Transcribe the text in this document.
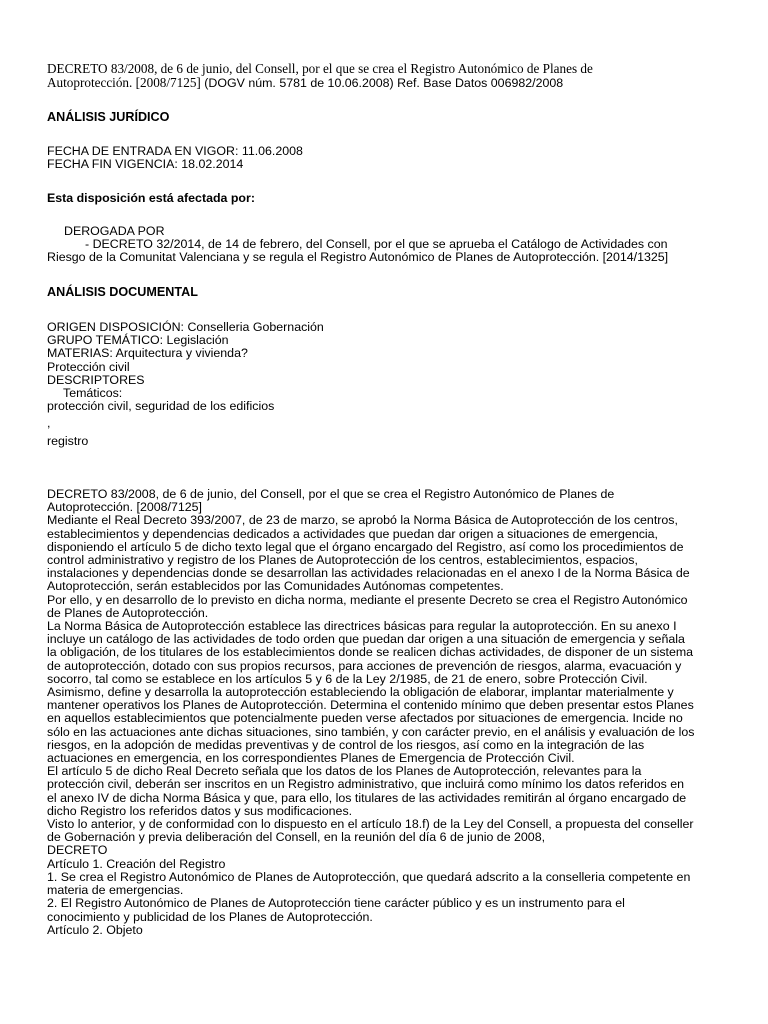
DECRETO 83/2008, de 6 de junio, del Consell, por el que se crea el Registro Autonómico de Planes de
Autoprotección. [2008/7125] (DOGV núm. 5781 de 10.06.2008) Ref. Base Datos 006982/2008
ANÁLISIS JURÍDICO
FECHA DE ENTRADA EN VIGOR: 11.06.2008
FECHA FIN VIGENCIA: 18.02.2014
Esta disposición está afectada por:
DEROGADA POR
- DECRETO 32/2014, de 14 de febrero, del Consell, por el que se aprueba el Catálogo de Actividades con
Riesgo de la Comunitat Valenciana y se regula el Registro Autonómico de Planes de Autoprotección. [2014/1325]
ANÁLISIS DOCUMENTAL
ORIGEN DISPOSICIÓN: Conselleria Gobernación
GRUPO TEMÁTICO: Legislación
MATERIAS: Arquitectura y vivienda?
Protección civil
DESCRIPTORES
Temáticos:
protección civil, seguridad de los edificios
,
registro

DECRETO 83/2008, de 6 de junio, del Consell, por el que se crea el Registro Autonómico de Planes de

Autoprotección. [2008/7125]

Mediante el Real Decreto 393/2007, de 23 de marzo, se aprobó la Norma Básica de Autoprotección de los centros,

establecimientos y dependencias dedicados a actividades que puedan dar origen a situaciones de emergencia,

disponiendo el artículo 5 de dicho texto legal que el órgano encargado del Registro, así como los procedimientos de

control administrativo y registro de los Planes de Autoprotección de los centros, establecimientos, espacios,

instalaciones y dependencias donde se desarrollan las actividades relacionadas en el anexo I de la Norma Básica de

Autoprotección, serán establecidos por las Comunidades Autónomas competentes.

Por ello, y en desarrollo de lo previsto en dicha norma, mediante el presente Decreto se crea el Registro Autonómico

de Planes de Autoprotección.

La Norma Básica de Autoprotección establece las directrices básicas para regular la autoprotección. En su anexo I

incluye un catálogo de las actividades de todo orden que puedan dar origen a una situación de emergencia y señala

la obligación, de los titulares de los establecimientos donde se realicen dichas actividades, de disponer de un sistema

de autoprotección, dotado con sus propios recursos, para acciones de prevención de riesgos, alarma, evacuación y

socorro, tal como se establece en los artículos 5 y 6 de la Ley 2/1985, de 21 de enero, sobre Protección Civil.

Asimismo, define y desarrolla la autoprotección estableciendo la obligación de elaborar, implantar materialmente y

mantener operativos los Planes de Autoprotección. Determina el contenido mínimo que deben presentar estos Planes

en aquellos establecimientos que potencialmente pueden verse afectados por situaciones de emergencia. Incide no

sólo en las actuaciones ante dichas situaciones, sino también, y con carácter previo, en el análisis y evaluación de los

riesgos, en la adopción de medidas preventivas y de control de los riesgos, así como en la integración de las

actuaciones en emergencia, en los correspondientes Planes de Emergencia de Protección Civil.

El artículo 5 de dicho Real Decreto señala que los datos de los Planes de Autoprotección, relevantes para la

protección civil, deberán ser inscritos en un Registro administrativo, que incluirá como mínimo los datos referidos en

el anexo IV de dicha Norma Básica y que, para ello, los titulares de las actividades remitirán al órgano encargado de

dicho Registro los referidos datos y sus modificaciones.

Visto lo anterior, y de conformidad con lo dispuesto en el artículo 18.f) de la Ley del Consell, a propuesta del conseller

de Gobernación y previa deliberación del Consell, en la reunión del día 6 de junio de 2008,

DECRETO

Artículo 1. Creación del Registro

1. Se crea el Registro Autonómico de Planes de Autoprotección, que quedará adscrito a la conselleria competente en

materia de emergencias.

2. El Registro Autonómico de Planes de Autoprotección tiene carácter público y es un instrumento para el

conocimiento y publicidad de los Planes de Autoprotección.

Artículo 2. Objeto
